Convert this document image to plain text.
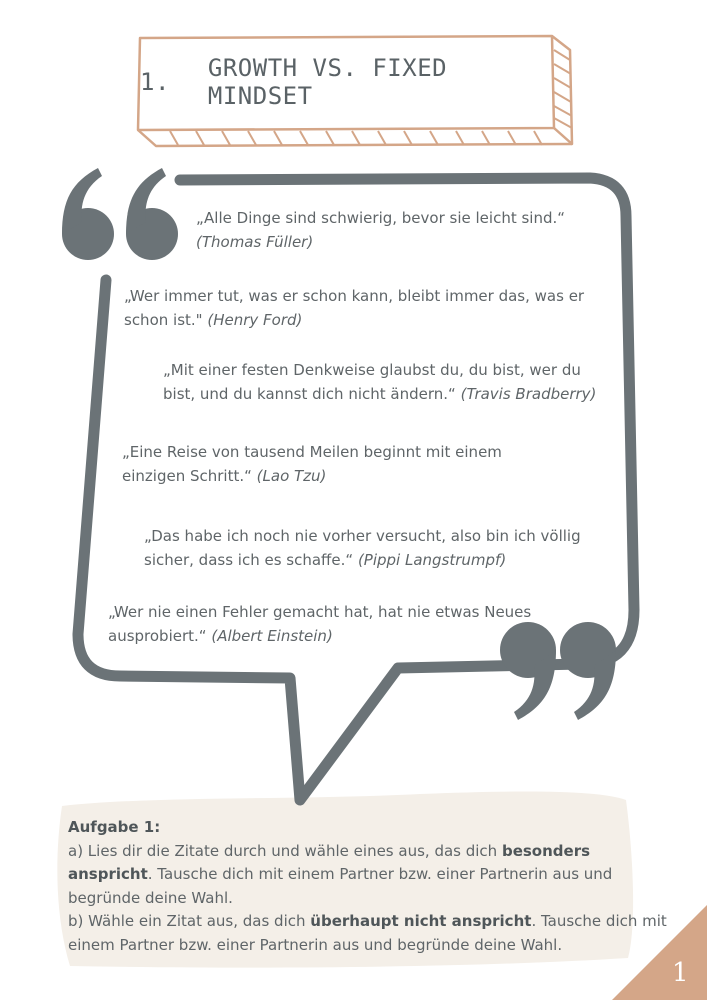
1. GROWTH VS. FIXED MINDSET
„Alle Dinge sind schwierig, bevor sie leicht sind.“
(Thomas Füller)
„Wer immer tut, was er schon kann, bleibt immer das, was er schon ist." (Henry Ford)
„Mit einer festen Denkweise glaubst du, du bist, wer du bist, und du kannst dich nicht ändern.“ (Travis Bradberry)
„Eine Reise von tausend Meilen beginnt mit einem einzigen Schritt.“ (Lao Tzu)
„Das habe ich noch nie vorher versucht, also bin ich völlig sicher, dass ich es schaffe.“ (Pippi Langstrumpf)
„Wer nie einen Fehler gemacht hat, hat nie etwas Neues ausprobiert.“ (Albert Einstein)
Aufgabe 1:
a) Lies dir die Zitate durch und wähle eines aus, das dich besonders anspricht. Tausche dich mit einem Partner bzw. einer Partnerin aus und begründe deine Wahl.
b) Wähle ein Zitat aus, das dich überhaupt nicht anspricht. Tausche dich mit einem Partner bzw. einer Partnerin aus und begründe deine Wahl.
1
